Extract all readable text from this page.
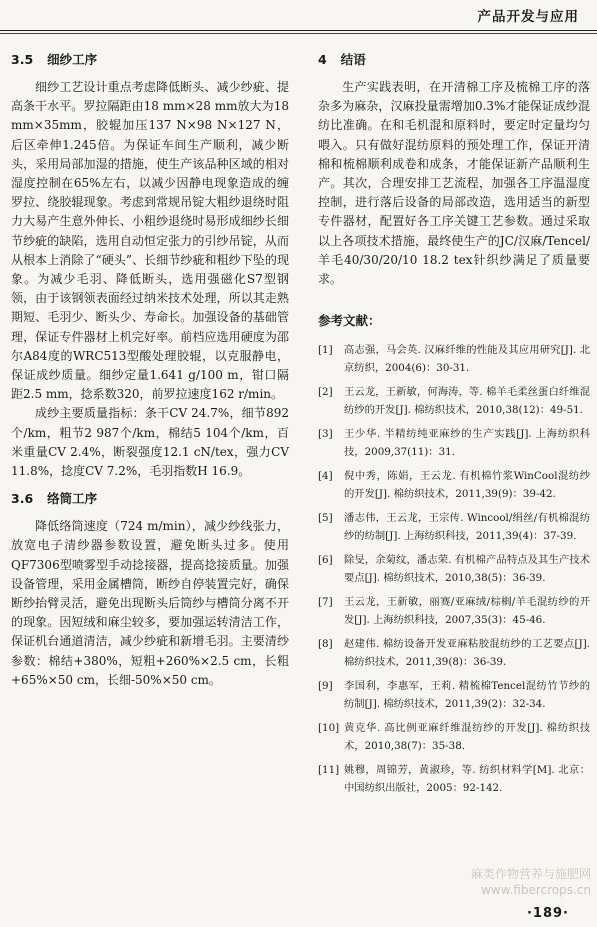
产品开发与应用
3.5 细纱工序

细纱工艺设计重点考虑降低断头、减少纱疵、提高条干水平。罗拉隔距由18 mm×28 mm放大为18 mm×35mm，胶辊加压137 N×98 N×127 N，后区牵伸1.245倍。为保证车间生产顺利，减少断头，采用局部加湿的措施，使生产该品种区域的相对湿度控制在65%左右，以减少因静电现象造成的缠罗拉、绕胶辊现象。考虑到常规吊锭大粗纱退绕时阻力大易产生意外伸长、小粗纱退绕时易形成细纱长细节纱疵的缺陷，选用自动恒定张力的引纱吊锭，从而从根本上消除了“硬头”、长细节纱疵和粗纱下坠的现象。为减少毛羽、降低断头，选用强磁化S7型钢领，由于该钢领表面经过纳米技术处理，所以其走熟期短、毛羽少、断头少、寿命长。加强设备的基础管理，保证专件器材上机完好率。前档应选用硬度为邵尔A84度的WRC513型酸处理胶辊，以克服静电，保证成纱质量。细纱定量1.641 g/100 m，钳口隔距2.5 mm，捻系数320，前罗拉速度162 r/min。

成纱主要质量指标：条干CV 24.7%，细节892个/km，粗节2 987个/km，棉结5 104个/km，百米重量CV 2.4%，断裂强度12.1 cN/tex，强力CV 11.8%，捻度CV 7.2%，毛羽指数H 16.9。

3.6 络筒工序

降低络筒速度（724 m/min），减少纱线张力，放宽电子清纱器参数设置，避免断头过多。使用QF7306型喷雾型手动捻接器，提高捻接质量。加强设备管理，采用金属槽筒，断纱自停装置完好，确保断纱抬臂灵活，避免出现断头后筒纱与槽筒分离不开的现象。因短绒和麻尘较多，要加强运转清洁工作，保证机台通道清洁，减少纱疵和新增毛羽。主要清纱参数：棉结+380%，短粗+260%×2.5 cm，长粗+65%×50 cm，长细-50%×50 cm。

4 结语

生产实践表明，在开清棉工序及梳棉工序的落杂多为麻杂，汉麻投量需增加0.3%才能保证成纱混纺比准确。在和毛机混和原料时，要定时定量均匀喂入。只有做好混纺原料的预处理工作，保证开清棉和梳棉顺利成卷和成条，才能保证新产品顺利生产。其次，合理安排工艺流程，加强各工序温湿度控制，进行落后设备的局部改造，选用适当的新型专件器材，配置好各工序关键工艺参数。通过采取以上各项技术措施，最终使生产的JC/汉麻/Tencel/羊毛40/30/20/10 18.2 tex针织纱满足了质量要求。

参考文献：
[1]	高志强，马会英. 汉麻纤维的性能及其应用研究[J]. 北京纺织，2004(6)：30-31.
[2]	王云龙，王新敏，何海涛，等. 棉羊毛柔丝蛋白纤维混纺纱的开发[J]. 棉纺织技术，2010,38(12)：49-51.
[3]	王少华. 半精纺纯亚麻纱的生产实践[J]. 上海纺织科技，2009,37(11)：31.
[4]	倪中秀，陈娟，王云龙. 有机棉竹浆WinCool混纺纱的开发[J]. 棉纺织技术，2011,39(9)：39-42.
[5]	潘志伟，王云龙，王宗传. Wincool/绢丝/有机棉混纺纱的纺制[J]. 上海纺织科技，2011,39(4)：37-39.
[6]	除旻，余菊纹，潘志荣. 有机棉产品特点及其生产技术要点[J]. 棉纺织技术，2010,38(5)：36-39.
[7]	王云龙，王新敏，丽赛/亚麻绒/棕榈/羊毛混纺纱的开发[J]. 上海纺织科技，2007,35(3)：45-46.
[8]	赵建伟. 棉纺设备开发亚麻粘胶混纺纱的工艺要点[J]. 棉纺织技术，2011,39(8)：36-39.
[9]	李国利，李惠军，王莉. 精梳棉Tencel混纺竹节纱的纺制[J]. 棉纺织技术，2011,39(2)：32-34.
[10] 黄克华. 高比例亚麻纤维混纺纱的开发[J]. 棉纺织技术，2010,38(7)：35-38.
[11] 姚穆，周锦芳，黄淑珍，等. 纺织材料学[M]. 北京：中国纺织出版社，2005：92-142.
麻类作物营养与施肥网
www.fibercrops.cn
·189·
